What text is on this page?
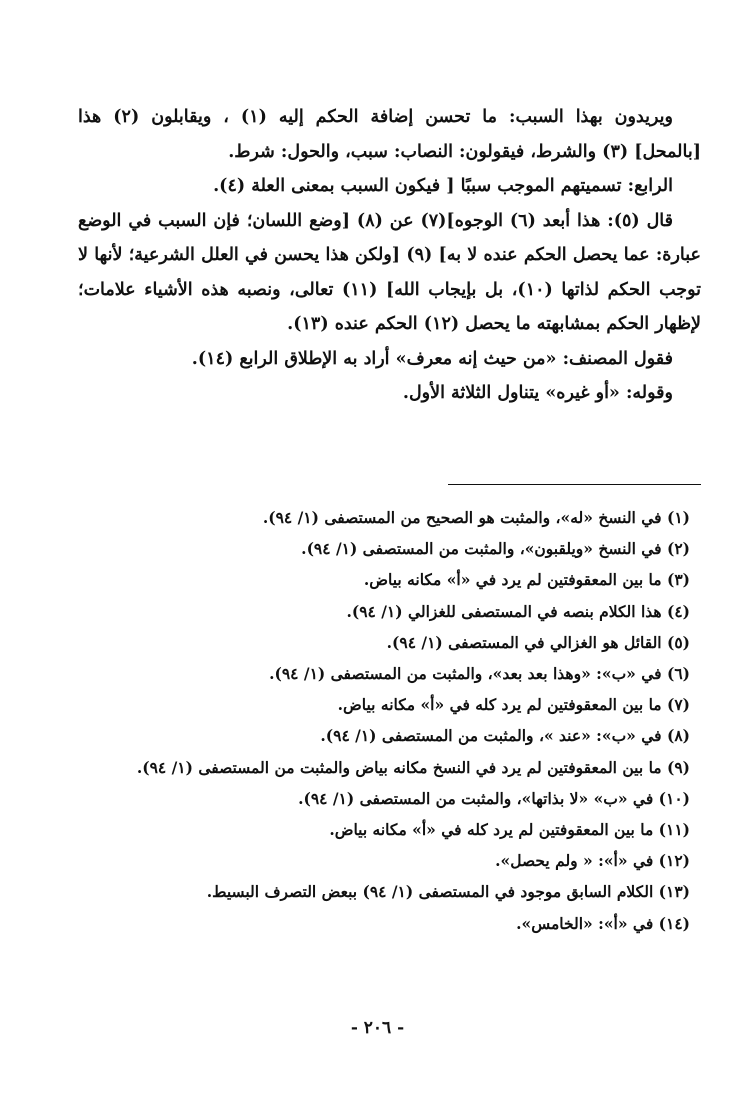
ويريدون بهذا السبب: ما تحسن إضافة الحكم إليه (١) ، ويقابلون (٢) هذا [بالمحل] (٣) والشرط، فيقولون: النصاب: سبب، والحول: شرط.

الرابع: تسميتهم الموجب سببًا [ فيكون السبب بمعنى العلة (٤).

قال (٥): هذا أبعد (٦) الوجوه](٧) عن (٨) [وضع اللسان؛ فإن السبب في الوضع عبارة: عما يحصل الحكم عنده لا به] (٩) [ولكن هذا يحسن في العلل الشرعية؛ لأنها لا توجب الحكم لذاتها (١٠)، بل بإيجاب الله] (١١) تعالى، ونصبه هذه الأشياء علامات؛ لإظهار الحكم بمشابهته ما يحصل (١٢) الحكم عنده (١٣).

فقول المصنف: «من حيث إنه معرف» أراد به الإطلاق الرابع (١٤).

وقوله: «أو غيره» يتناول الثلاثة الأول.

(١) في النسخ «له»، والمثبت هو الصحيح من المستصفى (١/ ٩٤).

(٢) في النسخ «ويلقبون»، والمثبت من المستصفى (١/ ٩٤).

(٣) ما بين المعقوفتين لم يرد في «أ» مكانه بياض.

(٤) هذا الكلام بنصه في المستصفى للغزالي (١/ ٩٤).

(٥) القائل هو الغزالي في المستصفى (١/ ٩٤).

(٦) في «ب»: «وهذا بعد بعد»، والمثبت من المستصفى (١/ ٩٤).

(٧) ما بين المعقوفتين لم يرد كله في «أ» مكانه بياض.

(٨) في «ب»: «عند »، والمثبت من المستصفى (١/ ٩٤).

(٩) ما بين المعقوفتين لم يرد في النسخ مكانه بياض والمثبت من المستصفى (١/ ٩٤).

(١٠) في «ب» «لا بذاتها»، والمثبت من المستصفى (١/ ٩٤).

(١١) ما بين المعقوفتين لم يرد كله في «أ» مكانه بياض.

(١٢) في «أ»: « ولم يحصل».

(١٣) الكلام السابق موجود في المستصفى (١/ ٩٤) ببعض التصرف البسيط.

(١٤) في «أ»: «الخامس».

- ٢٠٦ -
